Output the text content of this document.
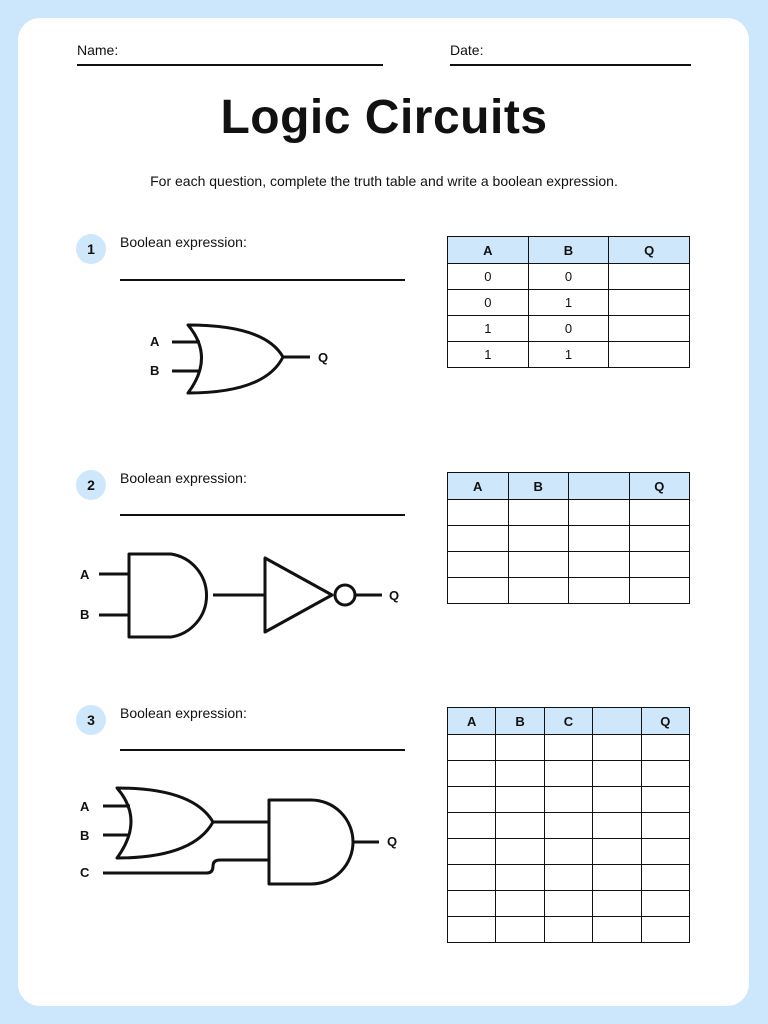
Name:	Date:
Logic Circuits
For each question, complete the truth table and write a boolean expression.
1	Boolean expression:
A
B
Q
A	B	Q
0	0	
0	1	
1	0	
1	1	
2	Boolean expression:
A
B
Q
A	B		Q

3	Boolean expression:
A
B
C
Q
A	B	C		Q
